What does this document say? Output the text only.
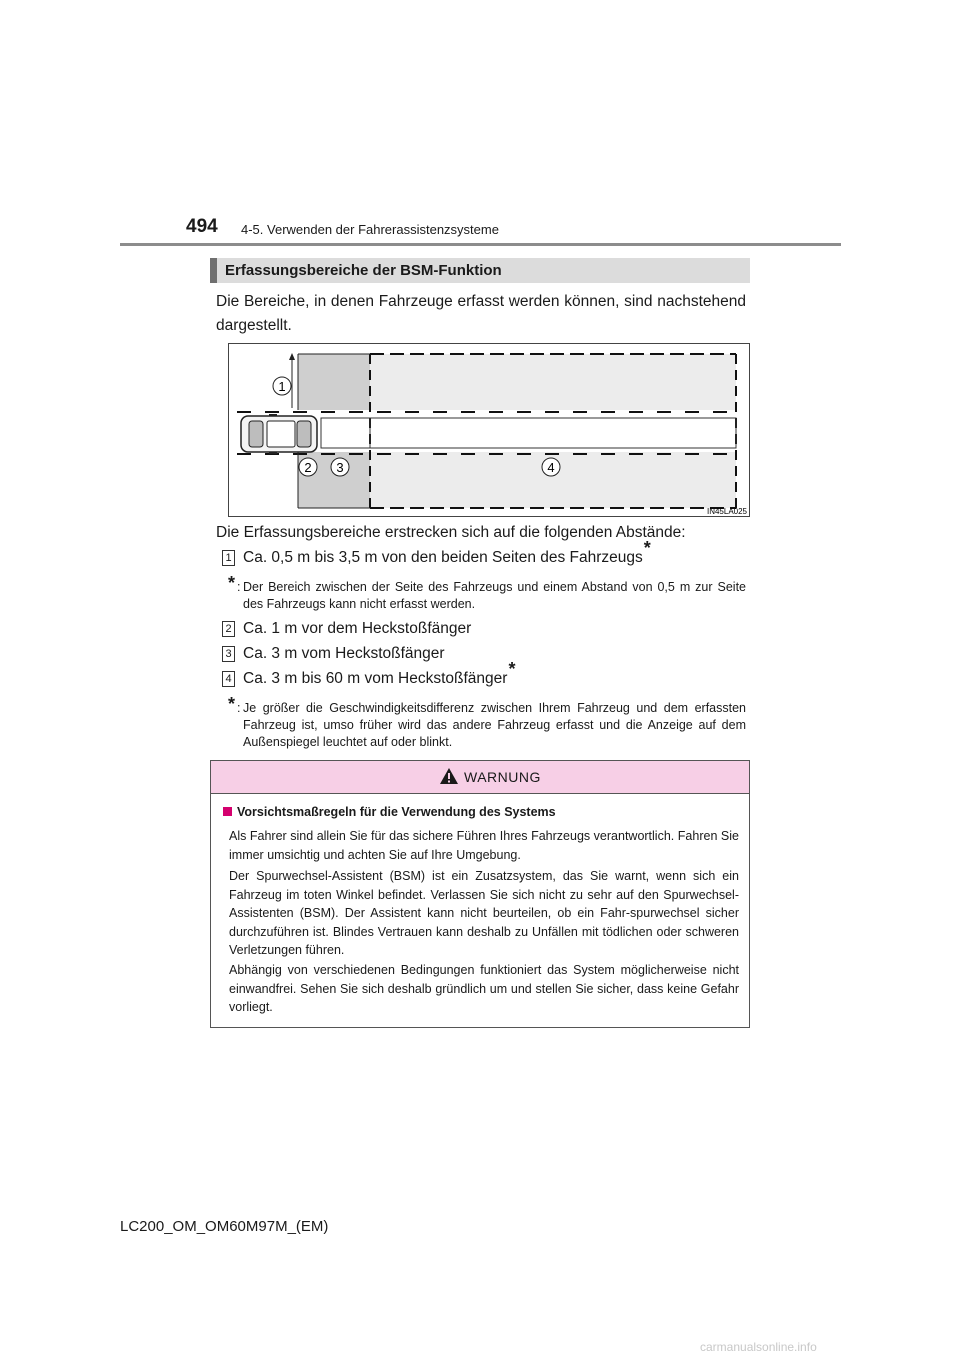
494 4-5. Verwenden der Fahrerassistenzsysteme
Erfassungsbereiche der BSM-Funktion
Die Bereiche, in denen Fahrzeuge erfasst werden können, sind nachstehend dargestellt.
1
2 3	4
IN45LA025
Die Erfassungsbereiche erstrecken sich auf die folgenden Abstände:
1 Ca. 0,5 m bis 3,5 m von den beiden Seiten des Fahrzeugs*
* : Der Bereich zwischen der Seite des Fahrzeugs und einem Abstand von 0,5 m zur Seite des Fahrzeugs kann nicht erfasst werden.
2 Ca. 1 m vor dem Heckstoßfänger
3 Ca. 3 m vom Heckstoßfänger
4 Ca. 3 m bis 60 m vom Heckstoßfänger*
* : Je größer die Geschwindigkeitsdifferenz zwischen Ihrem Fahrzeug und dem erfassten Fahrzeug ist, umso früher wird das andere Fahrzeug erfasst und die Anzeige auf dem Außenspiegel leuchtet auf oder blinkt.
WARNUNG
Vorsichtsmaßregeln für die Verwendung des Systems
Als Fahrer sind allein Sie für das sichere Führen Ihres Fahrzeugs verantwortlich. Fahren Sie immer umsichtig und achten Sie auf Ihre Umgebung.
Der Spurwechsel-Assistent (BSM) ist ein Zusatzsystem, das Sie warnt, wenn sich ein Fahrzeug im toten Winkel befindet. Verlassen Sie sich nicht zu sehr auf den Spurwechsel-Assistenten (BSM). Der Assistent kann nicht beurteilen, ob ein Fahr-spurwechsel sicher durchzuführen ist. Blindes Vertrauen kann deshalb zu Unfällen mit tödlichen oder schweren Verletzungen führen.
Abhängig von verschiedenen Bedingungen funktioniert das System möglicherweise nicht einwandfrei. Sehen Sie sich deshalb gründlich um und stellen Sie sicher, dass keine Gefahr vorliegt.
LC200_OM_OM60M97M_(EM)
carmanualsonline.info
